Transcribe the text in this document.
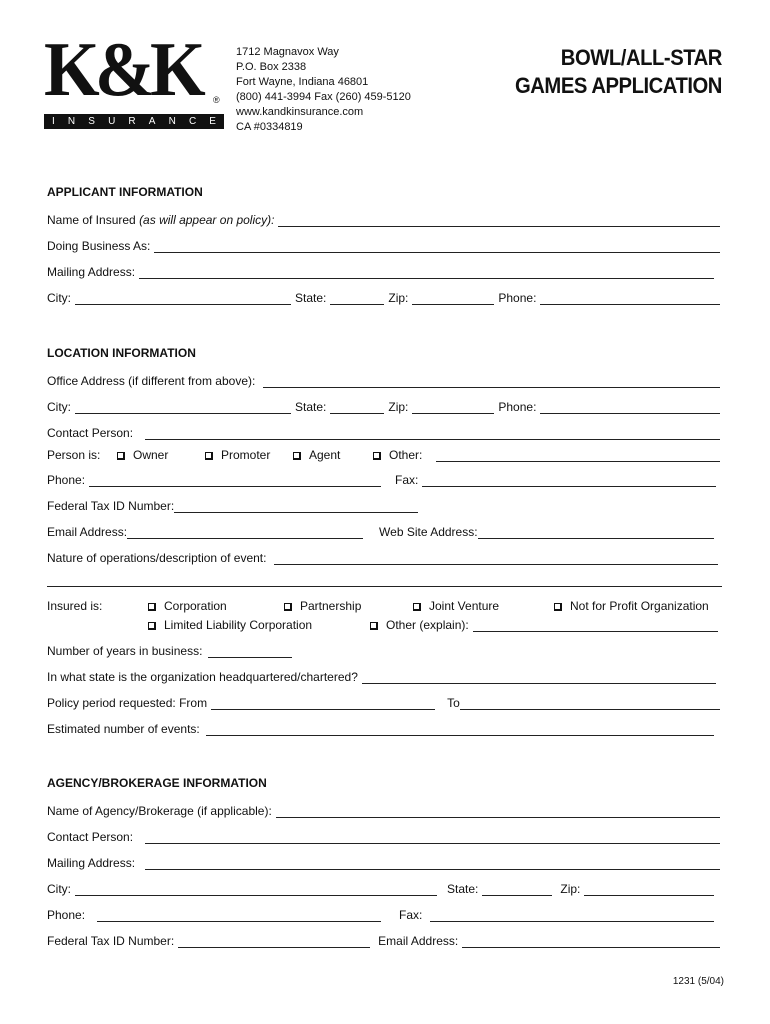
K&K ®
I N S U R A N C E
1712 Magnavox Way
P.O. Box 2338
Fort Wayne, Indiana 46801
(800) 441-3994 Fax (260) 459-5120
www.kandkinsurance.com
CA #0334819
BOWL/ALL-STAR
GAMES APPLICATION
APPLICANT INFORMATION
Name of Insured
(as will appear on policy):
Doing Business As:
Mailing Address:
City:	State:	Zip:	Phone:
LOCATION INFORMATION
Office Address (if different from above):
City:	State:	Zip:	Phone:
Contact Person:
Person is:	Owner	Promoter	Agent	Other:
Phone:	Fax:
Federal Tax ID Number:
Email Address:	Web Site Address:
Nature of operations/description of event:
Insured is:	Corporation	Partnership	Joint Venture	Not for Profit Organization
Limited Liability Corporation	Other (explain):
Number of years in business:
In what state is the organization headquartered/chartered?
Policy period requested: From	To
Estimated number of events:
AGENCY/BROKERAGE INFORMATION
Name of Agency/Brokerage (if applicable):
Contact Person:
Mailing Address:
City:	State:	Zip:
Phone:	Fax:
Federal Tax ID Number:	Email Address:
1231 (5/04)
